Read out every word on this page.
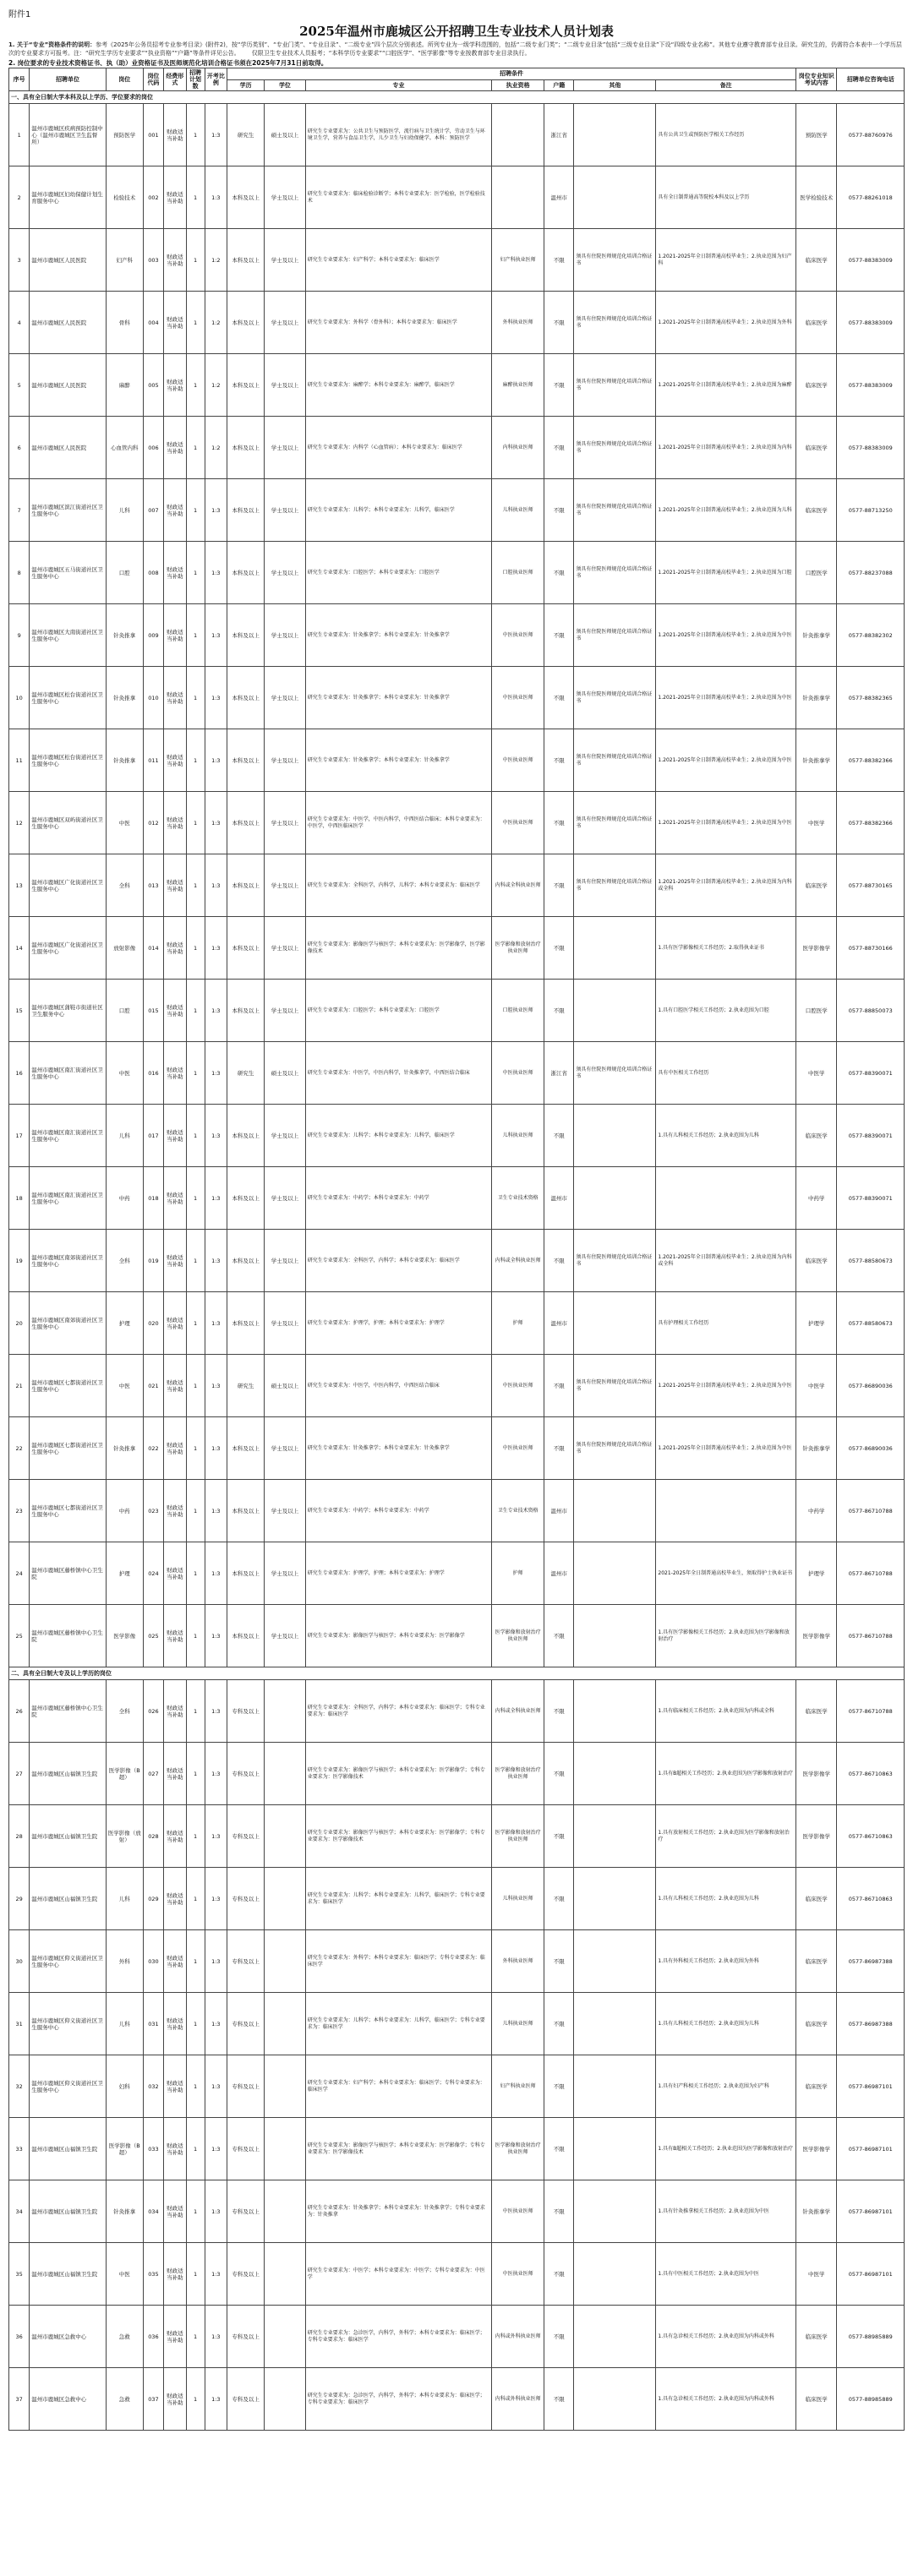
附件1
2025年温州市鹿城区公开招聘卫生专业技术人员计划表
1. 关于“专业”资格条件的说明：参考《2025年公务员招考专业参考目录》(附件2)，按“学历类别”、“专业门类”、“专业目录”、“二级专业”四个层次分别表述。所列专业为一级学科范围的，包括“二级专业门类”；“二级专业目录”包括“三级专业目录”下设“四级专业名称”。其他专业遵守教育部专业目录。研究生的，仍需符合本表中一个学历层次的专业要求方可报考。注：“研究生学历专业要求”“执业资格”“户籍”等条件详见公告。  仅限卫生专业技术人员报考；“本科学历专业要求”“口腔医学”、“医学影像”等专业按教育部专业目录执行。
2. 岗位要求的专业技术资格证书、执（助）业资格证书及医师规范化培训合格证书须在2025年7月31日前取得。
序号	招聘单位	岗位	岗位代码	经费形式	招聘计划数	开考比例	招聘条件							岗位专业知识考试内容	招聘单位咨询电话
							学历	学位	专业	执业资格	户籍	其他	备注		
一、具有全日制大学本科及以上学历、学位要求的岗位															
1	温州市鹿城区疾病预防控制中心（温州市鹿城区卫生监督所）	预防医学	001	财政适当补助	1	1:3	研究生	硕士及以上	研究生专业要求为：公共卫生与预防医学，流行病与卫生统计学，劳动卫生与环境卫生学，营养与食品卫生学，儿少卫生与妇幼保健学。本科：预防医学		浙江省		具有公共卫生或预防医学相关工作经历	预防医学	0577-88760976
2	温州市鹿城区妇幼保健计划生育服务中心	检验技术	002	财政适当补助	1	1:3	本科及以上	学士及以上	研究生专业要求为：临床检验诊断学；本科专业要求为：医学检验，医学检验技术		温州市		具有全日制普通高等院校本科及以上学历	医学检验技术	0577-88261018
3	温州市鹿城区人民医院	妇产科	003	财政适当补助	1	1:2	本科及以上	学士及以上	研究生专业要求为：妇产科学；本科专业要求为：临床医学	妇产科执业医师	不限	须具有住院医师规范化培训合格证书	1.2021-2025年全日制普通高校毕业生；2.执业范围为妇产科	临床医学	0577-88383009
4	温州市鹿城区人民医院	骨科	004	财政适当补助	1	1:2	本科及以上	学士及以上	研究生专业要求为：外科学（骨外科）；本科专业要求为：临床医学	外科执业医师	不限	须具有住院医师规范化培训合格证书	1.2021-2025年全日制普通高校毕业生；2.执业范围为外科	临床医学	0577-88383009
5	温州市鹿城区人民医院	麻醉	005	财政适当补助	1	1:2	本科及以上	学士及以上	研究生专业要求为：麻醉学；本科专业要求为：麻醉学，临床医学	麻醉执业医师	不限	须具有住院医师规范化培训合格证书	1.2021-2025年全日制普通高校毕业生；2.执业范围为麻醉	临床医学	0577-88383009
6	温州市鹿城区人民医院	心血管内科	006	财政适当补助	1	1:2	本科及以上	学士及以上	研究生专业要求为：内科学（心血管病）；本科专业要求为：临床医学	内科执业医师	不限	须具有住院医师规范化培训合格证书	1.2021-2025年全日制普通高校毕业生；2.执业范围为内科	临床医学	0577-88383009
7	温州市鹿城区滨江街道社区卫生服务中心	儿科	007	财政适当补助	1	1:3	本科及以上	学士及以上	研究生专业要求为：儿科学；本科专业要求为：儿科学，临床医学	儿科执业医师	不限	须具有住院医师规范化培训合格证书	1.2021-2025年全日制普通高校毕业生；2.执业范围为儿科	临床医学	0577-88713250
8	温州市鹿城区五马街道社区卫生服务中心	口腔	008	财政适当补助	1	1:3	本科及以上	学士及以上	研究生专业要求为：口腔医学；本科专业要求为：口腔医学	口腔执业医师	不限	须具有住院医师规范化培训合格证书	1.2021-2025年全日制普通高校毕业生；2.执业范围为口腔	口腔医学	0577-88237088
9	温州市鹿城区大南街道社区卫生服务中心	针灸推拿	009	财政适当补助	1	1:3	本科及以上	学士及以上	研究生专业要求为：针灸推拿学；本科专业要求为：针灸推拿学	中医执业医师	不限	须具有住院医师规范化培训合格证书	1.2021-2025年全日制普通高校毕业生；2.执业范围为中医	针灸推拿学	0577-88382302
10	温州市鹿城区松台街道社区卫生服务中心	针灸推拿	010	财政适当补助	1	1:3	本科及以上	学士及以上	研究生专业要求为：针灸推拿学；本科专业要求为：针灸推拿学	中医执业医师	不限	须具有住院医师规范化培训合格证书	1.2021-2025年全日制普通高校毕业生；2.执业范围为中医	针灸推拿学	0577-88382365
11	温州市鹿城区松台街道社区卫生服务中心	针灸推拿	011	财政适当补助	1	1:3	本科及以上	学士及以上	研究生专业要求为：针灸推拿学；本科专业要求为：针灸推拿学	中医执业医师	不限	须具有住院医师规范化培训合格证书	1.2021-2025年全日制普通高校毕业生；2.执业范围为中医	针灸推拿学	0577-88382366
12	温州市鹿城区双屿街道社区卫生服务中心	中医	012	财政适当补助	1	1:3	本科及以上	学士及以上	研究生专业要求为：中医学，中医内科学，中西医结合临床；本科专业要求为：中医学，中西医临床医学	中医执业医师	不限	须具有住院医师规范化培训合格证书	1.2021-2025年全日制普通高校毕业生；2.执业范围为中医	中医学	0577-88382366
13	温州市鹿城区广化街道社区卫生服务中心	全科	013	财政适当补助	1	1:3	本科及以上	学士及以上	研究生专业要求为：全科医学，内科学，儿科学；本科专业要求为：临床医学	内科或全科执业医师	不限	须具有住院医师规范化培训合格证书	1.2021-2025年全日制普通高校毕业生；2.执业范围为内科或全科	临床医学	0577-88730165
14	温州市鹿城区广化街道社区卫生服务中心	放射影像	014	财政适当补助	1	1:3	本科及以上	学士及以上	研究生专业要求为：影像医学与核医学；本科专业要求为：医学影像学，医学影像技术	医学影像和放射治疗执业医师	不限		1.具有医学影像相关工作经历；2.取得执业证书	医学影像学	0577-88730166
15	温州市鹿城区蒲鞋市街道社区卫生服务中心	口腔	015	财政适当补助	1	1:3	本科及以上	学士及以上	研究生专业要求为：口腔医学；本科专业要求为：口腔医学	口腔执业医师	不限		1.具有口腔医学相关工作经历；2.执业范围为口腔	口腔医学	0577-88850073
16	温州市鹿城区南汇街道社区卫生服务中心	中医	016	财政适当补助	1	1:3	研究生	硕士及以上	研究生专业要求为：中医学，中医内科学，针灸推拿学，中西医结合临床	中医执业医师	浙江省	须具有住院医师规范化培训合格证书	具有中医相关工作经历	中医学	0577-88390071
17	温州市鹿城区南汇街道社区卫生服务中心	儿科	017	财政适当补助	1	1:3	本科及以上	学士及以上	研究生专业要求为：儿科学；本科专业要求为：儿科学，临床医学	儿科执业医师	不限		1.具有儿科相关工作经历；2.执业范围为儿科	临床医学	0577-88390071
18	温州市鹿城区南汇街道社区卫生服务中心	中药	018	财政适当补助	1	1:3	本科及以上	学士及以上	研究生专业要求为：中药学；本科专业要求为：中药学	卫生专业技术资格	温州市			中药学	0577-88390071
19	温州市鹿城区南郊街道社区卫生服务中心	全科	019	财政适当补助	1	1:3	本科及以上	学士及以上	研究生专业要求为：全科医学，内科学；本科专业要求为：临床医学	内科或全科执业医师	不限	须具有住院医师规范化培训合格证书	1.2021-2025年全日制普通高校毕业生；2.执业范围为内科或全科	临床医学	0577-88580673
20	温州市鹿城区南郊街道社区卫生服务中心	护理	020	财政适当补助	1	1:3	本科及以上	学士及以上	研究生专业要求为：护理学，护理；本科专业要求为：护理学	护师	温州市		具有护理相关工作经历	护理学	0577-88580673
21	温州市鹿城区七都街道社区卫生服务中心	中医	021	财政适当补助	1	1:3	研究生	硕士及以上	研究生专业要求为：中医学，中医内科学，中西医结合临床	中医执业医师	不限	须具有住院医师规范化培训合格证书	1.2021-2025年全日制普通高校毕业生；2.执业范围为中医	中医学	0577-86890036
22	温州市鹿城区七都街道社区卫生服务中心	针灸推拿	022	财政适当补助	1	1:3	本科及以上	学士及以上	研究生专业要求为：针灸推拿学；本科专业要求为：针灸推拿学	中医执业医师	不限	须具有住院医师规范化培训合格证书	1.2021-2025年全日制普通高校毕业生；2.执业范围为中医	针灸推拿学	0577-86890036
23	温州市鹿城区七都街道社区卫生服务中心	中药	023	财政适当补助	1	1:3	本科及以上	学士及以上	研究生专业要求为：中药学；本科专业要求为：中药学	卫生专业技术资格	温州市			中药学	0577-86710788
24	温州市鹿城区藤桥镇中心卫生院	护理	024	财政适当补助	1	1:3	本科及以上	学士及以上	研究生专业要求为：护理学，护理；本科专业要求为：护理学	护师	温州市		2021-2025年全日制普通高校毕业生，须取得护士执业证书	护理学	0577-86710788
25	温州市鹿城区藤桥镇中心卫生院	医学影像	025	财政适当补助	1	1:3	本科及以上	学士及以上	研究生专业要求为：影像医学与核医学；本科专业要求为：医学影像学	医学影像和放射治疗执业医师	不限		1.具有医学影像相关工作经历；2.执业范围为医学影像和放射治疗	医学影像学	0577-86710788
二、具有全日制大专及以上学历的岗位															
26	温州市鹿城区藤桥镇中心卫生院	全科	026	财政适当补助	1	1:3	专科及以上		研究生专业要求为：全科医学，内科学；本科专业要求为：临床医学；专科专业要求为：临床医学	内科或全科执业医师	不限		1.具有临床相关工作经历；2.执业范围为内科或全科	临床医学	0577-86710788
27	温州市鹿城区山福镇卫生院	医学影像（B超）	027	财政适当补助	1	1:3	专科及以上		研究生专业要求为：影像医学与核医学；本科专业要求为：医学影像学；专科专业要求为：医学影像技术	医学影像和放射治疗执业医师	不限		1.具有B超相关工作经历；2.执业范围为医学影像和放射治疗	医学影像学	0577-86710863
28	温州市鹿城区山福镇卫生院	医学影像（放射）	028	财政适当补助	1	1:3	专科及以上		研究生专业要求为：影像医学与核医学；本科专业要求为：医学影像学；专科专业要求为：医学影像技术	医学影像和放射治疗执业医师	不限		1.具有放射相关工作经历；2.执业范围为医学影像和放射治疗	医学影像学	0577-86710863
29	温州市鹿城区山福镇卫生院	儿科	029	财政适当补助	1	1:3	专科及以上		研究生专业要求为：儿科学；本科专业要求为：儿科学，临床医学；专科专业要求为：临床医学	儿科执业医师	不限		1.具有儿科相关工作经历；2.执业范围为儿科	临床医学	0577-86710863
30	温州市鹿城区仰义街道社区卫生服务中心	外科	030	财政适当补助	1	1:3	专科及以上		研究生专业要求为：外科学；本科专业要求为：临床医学；专科专业要求为：临床医学	外科执业医师	不限		1.具有外科相关工作经历；2.执业范围为外科	临床医学	0577-86987388
31	温州市鹿城区仰义街道社区卫生服务中心	儿科	031	财政适当补助	1	1:3	专科及以上		研究生专业要求为：儿科学；本科专业要求为：儿科学，临床医学；专科专业要求为：临床医学	儿科执业医师	不限		1.具有儿科相关工作经历；2.执业范围为儿科	临床医学	0577-86987388
32	温州市鹿城区仰义街道社区卫生服务中心	妇科	032	财政适当补助	1	1:3	专科及以上		研究生专业要求为：妇产科学；本科专业要求为：临床医学；专科专业要求为：临床医学	妇产科执业医师	不限		1.具有妇产科相关工作经历；2.执业范围为妇产科	临床医学	0577-86987101
33	温州市鹿城区山福镇卫生院	医学影像（B超）	033	财政适当补助	1	1:3	专科及以上		研究生专业要求为：影像医学与核医学；本科专业要求为：医学影像学；专科专业要求为：医学影像技术	医学影像和放射治疗执业医师	不限		1.具有B超相关工作经历；2.执业范围为医学影像和放射治疗	医学影像学	0577-86987101
34	温州市鹿城区山福镇卫生院	针灸推拿	034	财政适当补助	1	1:3	专科及以上		研究生专业要求为：针灸推拿学；本科专业要求为：针灸推拿学；专科专业要求为：针灸推拿	中医执业医师	不限		1.具有针灸推拿相关工作经历；2.执业范围为中医	针灸推拿学	0577-86987101
35	温州市鹿城区山福镇卫生院	中医	035	财政适当补助	1	1:3	专科及以上		研究生专业要求为：中医学；本科专业要求为：中医学；专科专业要求为：中医学	中医执业医师	不限		1.具有中医相关工作经历；2.执业范围为中医	中医学	0577-86987101
36	温州市鹿城区急救中心	急救	036	财政适当补助	1	1:3	专科及以上		研究生专业要求为：急诊医学，内科学，外科学；本科专业要求为：临床医学；专科专业要求为：临床医学	内科或外科执业医师	不限		1.具有急诊相关工作经历；2.执业范围为内科或外科	临床医学	0577-88985889
37	温州市鹿城区急救中心	急救	037	财政适当补助	1	1:3	专科及以上		研究生专业要求为：急诊医学，内科学，外科学；本科专业要求为：临床医学；专科专业要求为：临床医学	内科或外科执业医师	不限		1.具有急诊相关工作经历；2.执业范围为内科或外科	临床医学	0577-88985889
